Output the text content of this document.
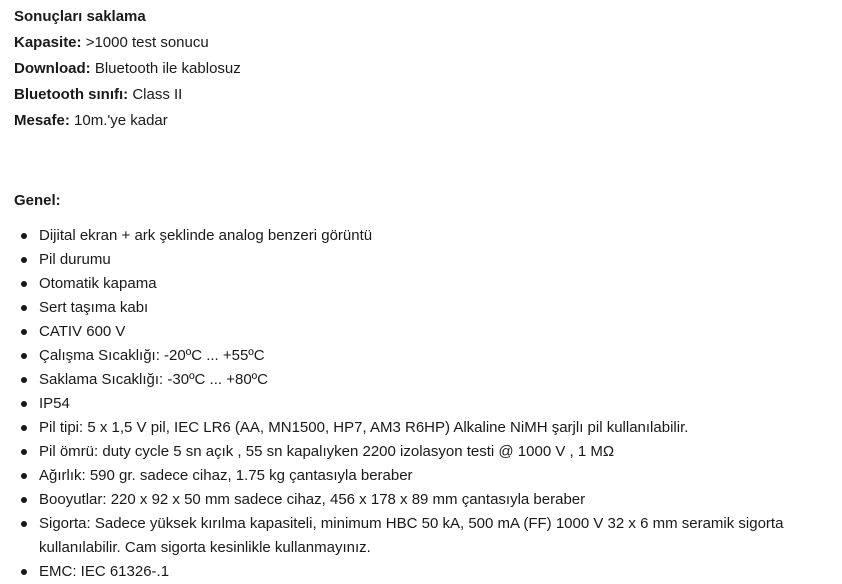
Sonuçları saklama
Kapasite: >1000 test sonucu
Download: Bluetooth ile kablosuz
Bluetooth sınıfı: Class II
Mesafe: 10m.'ye kadar
Genel:
Dijital ekran + ark şeklinde analog benzeri görüntü
Pil durumu
Otomatik kapama
Sert taşıma kabı
CATIV 600 V
Çalışma Sıcaklığı: -20ºC ... +55ºC
Saklama Sıcaklığı: -30ºC ... +80ºC
IP54
Pil tipi: 5 x 1,5 V pil, IEC LR6 (AA, MN1500, HP7, AM3 R6HP) Alkaline NiMH şarjlı pil kullanılabilir.
Pil ömrü: duty cycle 5 sn açık , 55 sn kapalıyken 2200 izolasyon testi @ 1000 V , 1 MΩ
Ağırlık: 590 gr. sadece cihaz, 1.75 kg çantasıyla beraber
Booyutlar: 220 x 92 x 50 mm sadece cihaz, 456 x 178 x 89 mm çantasıyla beraber
Sigorta: Sadece yüksek kırılma kapasiteli, minimum HBC 50 kA, 500 mA (FF) 1000 V 32 x 6 mm seramik sigorta kullanılabilir. Cam sigorta kesinlikle kullanmayınız.
EMC: IEC 61326-.1
